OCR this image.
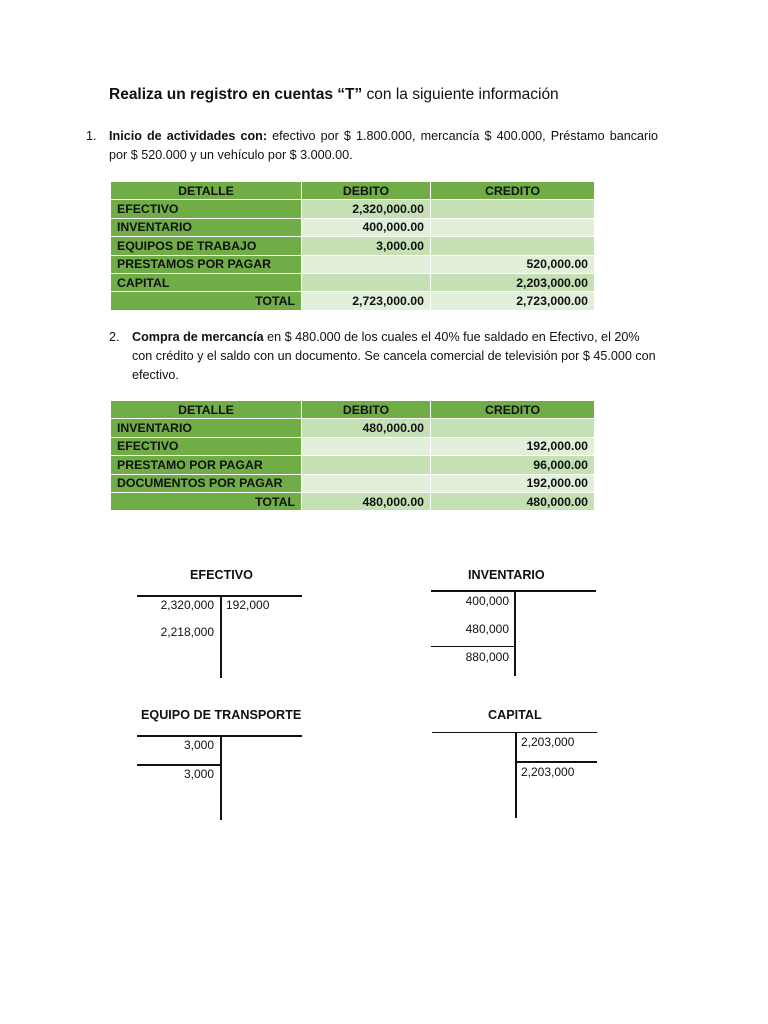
Realiza un registro en cuentas “T” con la siguiente información
1. Inicio de actividades con: efectivo por $ 1.800.000, mercancía $ 400.000, Préstamo bancario por $ 520.000 y un vehículo por $ 3.000.00.
DETALLE	DEBITO	CREDITO
EFECTIVO	2,320,000.00	
INVENTARIO	400,000.00	
EQUIPOS DE TRABAJO	3,000.00	
PRESTAMOS POR PAGAR		520,000.00
CAPITAL		2,203,000.00
TOTAL	2,723,000.00	2,723,000.00
2. Compra de mercancía en $ 480.000 de los cuales el 40% fue saldado en Efectivo, el 20% con crédito y el saldo con un documento. Se cancela comercial de televisión por $ 45.000 con efectivo.
DETALLE	DEBITO	CREDITO
INVENTARIO	480,000.00	
EFECTIVO		192,000.00
PRESTAMO POR PAGAR		96,000.00
DOCUMENTOS POR PAGAR		192,000.00
TOTAL	480,000.00	480,000.00
EFECTIVO
2,320,000 192,000
2,218,000
INVENTARIO
400,000
480,000
880,000
EQUIPO DE TRANSPORTE
3,000
3,000
CAPITAL
2,203,000
2,203,000
